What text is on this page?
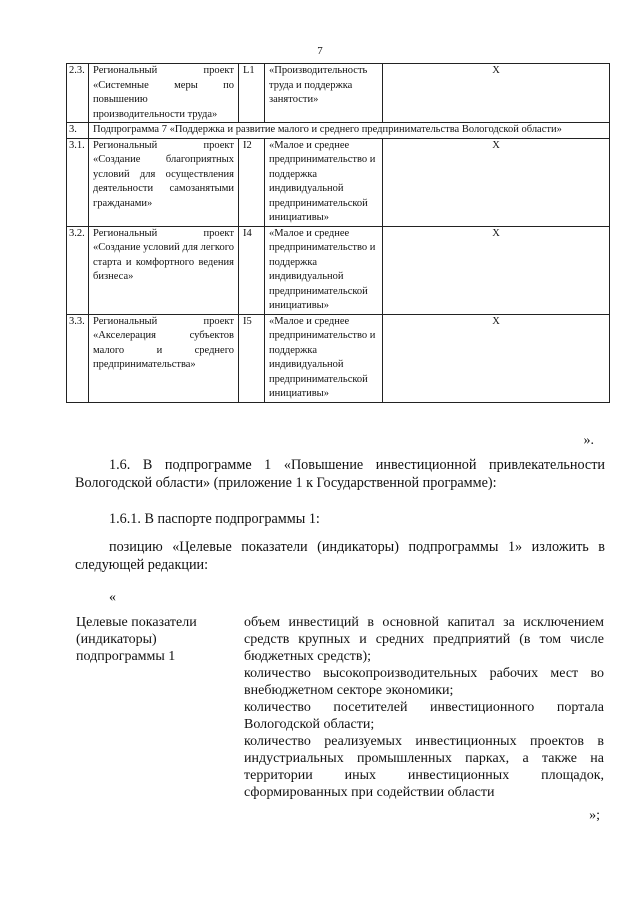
7
2.3.	Региональный проект «Системные меры по повышению производительности труда»	L1	«Производительность труда и поддержка занятости»	X
3.	Подпрограмма 7 «Поддержка и развитие малого и среднего предпринимательства Вологодской области»			
3.1.	Региональный проект «Создание благоприятных условий для осуществления деятельности самозанятыми гражданами»	I2	«Малое и среднее предпринимательство и поддержка индивидуальной предпринимательской инициативы»	X
3.2.	Региональный проект «Создание условий для легкого старта и комфортного ведения бизнеса»	I4	«Малое и среднее предпринимательство и поддержка индивидуальной предпринимательской инициативы»	X
3.3.	Региональный проект «Акселерация субъектов малого и среднего предпринимательства»	I5	«Малое и среднее предпринимательство и поддержка индивидуальной предпринимательской инициативы»	X
».
1.6. В подпрограмме 1 «Повышение инвестиционной привлекательности Вологодской области» (приложение 1 к Государственной программе):
1.6.1. В паспорте подпрограммы 1:
позицию «Целевые показатели (индикаторы) подпрограммы 1» изложить в следующей редакции:
«
Целевые показатели (индикаторы) подпрограммы 1
объем инвестиций в основной капитал за исключением средств крупных и средних предприятий (в том числе бюджетных средств);
количество высокопроизводительных рабочих мест во внебюджетном секторе экономики;
количество посетителей инвестиционного портала Вологодской области;
количество реализуемых инвестиционных проектов в индустриальных промышленных парках, а также на территории иных инвестиционных площадок, сформированных при содействии области
»;
